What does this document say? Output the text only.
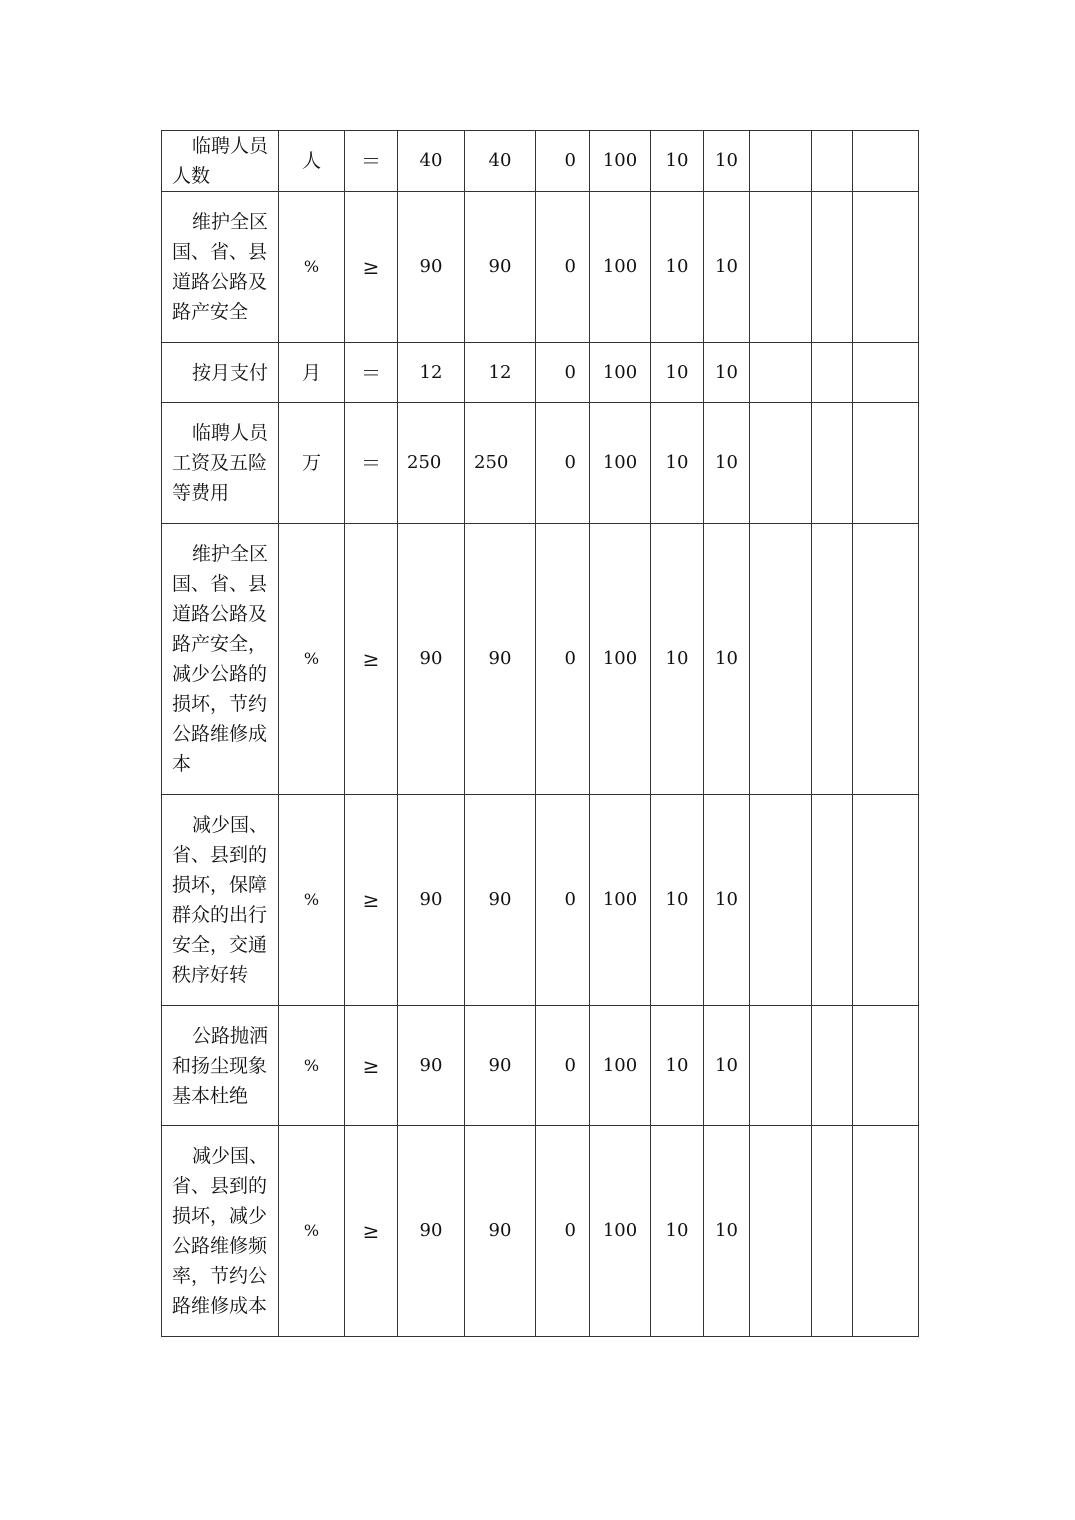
临聘人员人数	人	＝	40	40	0	100	10	10			
维护全区国、省、县道路公路及路产安全	%	≥	90	90	0	100	10	10			
按月支付	月	＝	12	12	0	100	10	10			
临聘人员工资及五险等费用	万	＝	250	250	0	100	10	10			
维护全区国、省、县道路公路及路产安全，减少公路的损坏，节约公路维修成本	%	≥	90	90	0	100	10	10			
减少国、省、县到的损坏，保障群众的出行安全，交通秩序好转	%	≥	90	90	0	100	10	10			
公路抛洒和扬尘现象基本杜绝	%	≥	90	90	0	100	10	10			
减少国、省、县到的损坏，减少公路维修频率，节约公路维修成本	%	≥	90	90	0	100	10	10			
